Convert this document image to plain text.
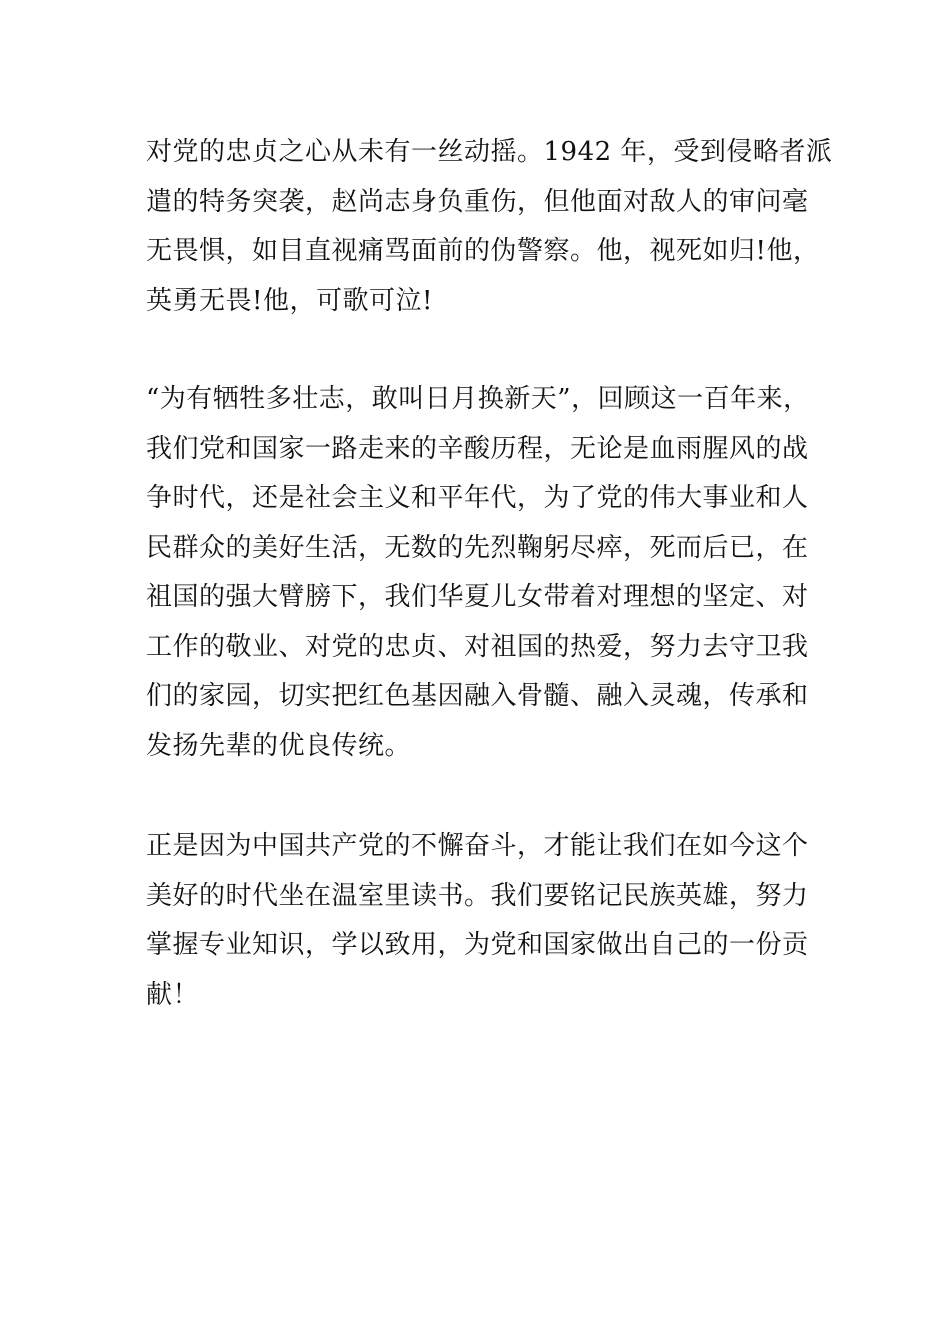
对党的忠贞之心从未有一丝动摇。1942 年，受到侵略者派
遣的特务突袭，赵尚志身负重伤，但他面对敌人的审问毫
无畏惧，如目直视痛骂面前的伪警察。他，视死如归!他，
英勇无畏!他，可歌可泣!
“为有牺牲多壮志，敢叫日月换新天”，回顾这一百年来，
我们党和国家一路走来的辛酸历程，无论是血雨腥风的战
争时代，还是社会主义和平年代，为了党的伟大事业和人
民群众的美好生活，无数的先烈鞠躬尽瘁，死而后已，在
祖国的强大臂膀下，我们华夏儿女带着对理想的坚定、对
工作的敬业、对党的忠贞、对祖国的热爱，努力去守卫我
们的家园，切实把红色基因融入骨髓、融入灵魂，传承和
发扬先辈的优良传统。
正是因为中国共产党的不懈奋斗，才能让我们在如今这个
美好的时代坐在温室里读书。我们要铭记民族英雄，努力
掌握专业知识，学以致用，为党和国家做出自己的一份贡
献！
